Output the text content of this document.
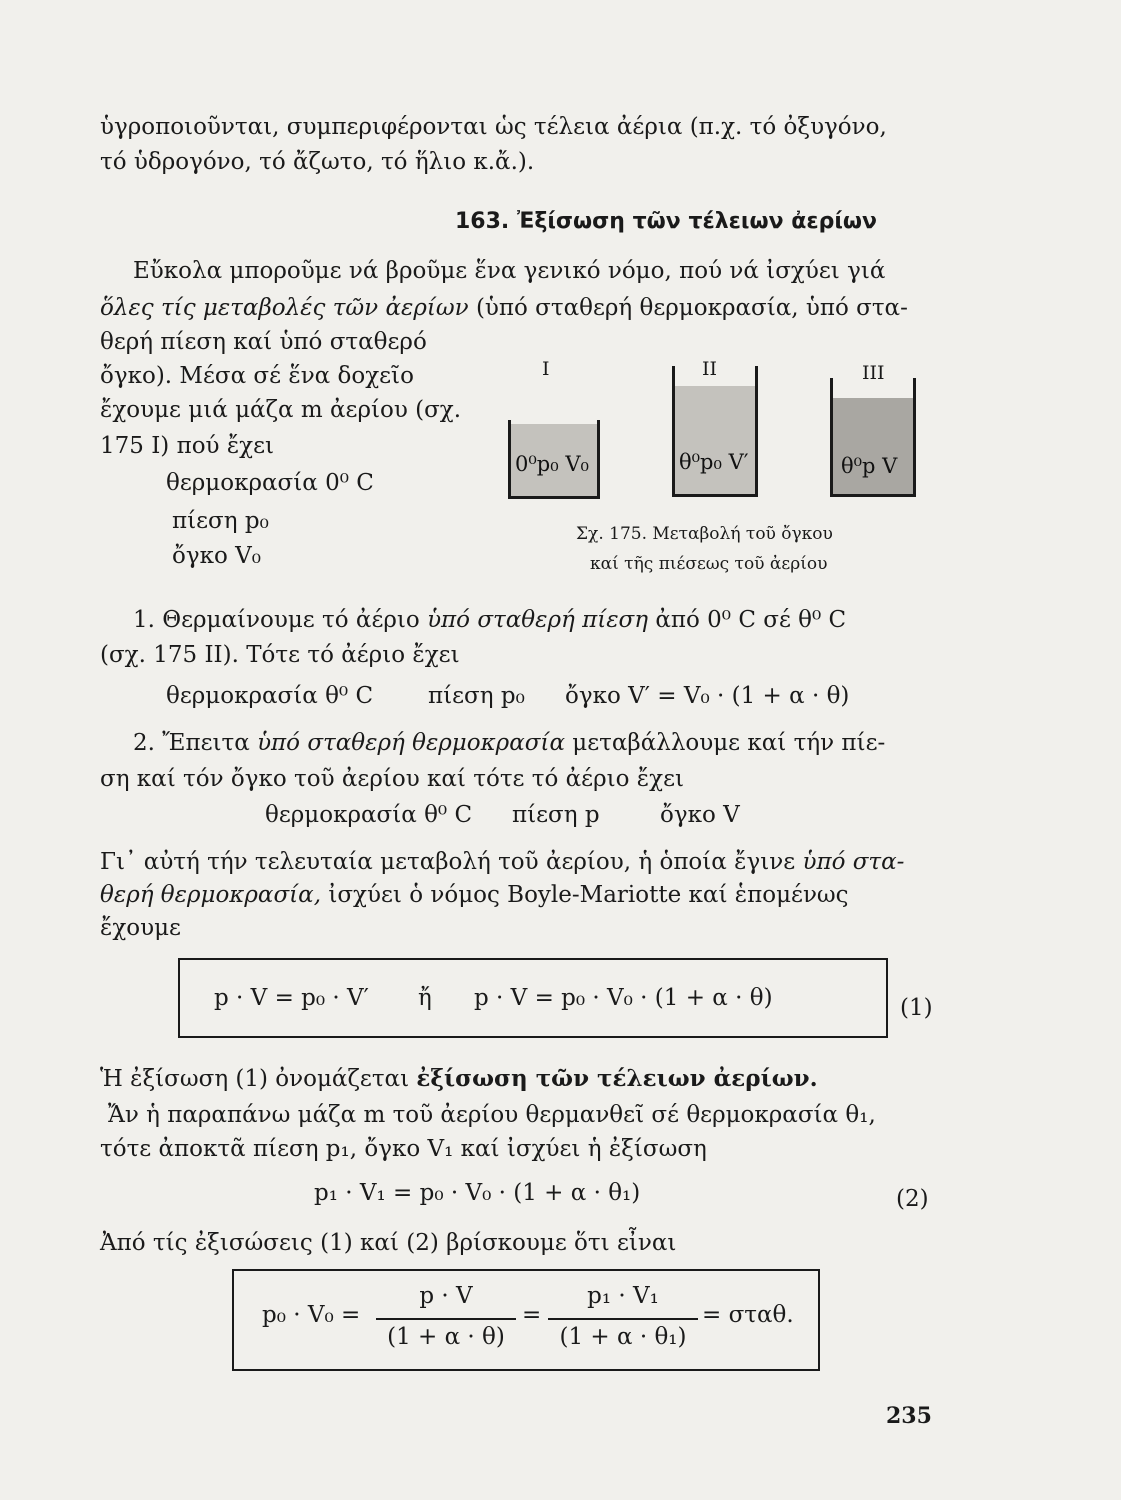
ὑγροποιοῦνται, συμπεριφέρονται ὡς τέλεια ἀέρια (π.χ. τό ὀξυγόνο,
τό ὑδρογόνο, τό ἄζωτο, τό ἥλιο κ.ἄ.).
163. Ἐξίσωση τῶν τέλειων ἀερίων
Εὔκολα μποροῦμε νά βροῦμε ἕνα γενικό νόμο, πού νά ἰσχύει γιά
ὅλες τίς μεταβολές τῶν ἀερίων (ὑπό σταθερή θερμοκρασία, ὑπό στα-
θερή πίεση καί ὑπό σταθερό
ὄγκο). Μέσα σέ ἕνα δοχεῖο
ἔχουμε μιά μάζα m ἀερίου (σχ.
175 I) πού ἔχει
θερμοκρασία 0⁰ C
πίεση p₀
ὄγκο V₀
I	II	III
0⁰p₀ V₀	θ⁰p₀ V′	θ⁰p V
Σχ. 175. Μεταβολή τοῦ ὄγκου
καί τῆς πιέσεως τοῦ ἀερίου
1. Θερμαίνουμε τό ἀέριο ὑπό σταθερή πίεση ἀπό 0⁰ C σέ θ⁰ C
(σχ. 175 II). Τότε τό ἀέριο ἔχει
θερμοκρασία θ⁰ C πίεση p₀ ὄγκο V′ = V₀ · (1 + α · θ)
2. Ἔπειτα ὑπό σταθερή θερμοκρασία μεταβάλλουμε καί τήν πίε-
ση καί τόν ὄγκο τοῦ ἀερίου καί τότε τό ἀέριο ἔχει
θερμοκρασία θ⁰ C πίεση p	ὄγκο V
Γι᾽ αὐτή τήν τελευταία μεταβολή τοῦ ἀερίου, ἡ ὁποία ἔγινε ὑπό στα-
θερή θερμοκρασία, ἰσχύει ὁ νόμος Boyle-Mariotte καί ἑπομένως
ἔχουμε
p · V = p₀ · V′ ἤ p · V = p₀ · V₀ · (1 + α · θ)	(1)
Ἡ ἐξίσωση (1) ὀνομάζεται ἐξίσωση τῶν τέλειων ἀερίων.
Ἄν ἡ παραπάνω μάζα m τοῦ ἀερίου θερμανθεῖ σέ θερμοκρασία θ₁,
τότε ἀποκτᾶ πίεση p₁, ὄγκο V₁ καί ἰσχύει ἡ ἐξίσωση
p₁ · V₁ = p₀ · V₀ · (1 + α · θ₁)	(2)
Ἀπό τίς ἐξισώσεις (1) καί (2) βρίσκουμε ὅτι εἶναι
p₀ · V₀ =
p · V
(1 + α · θ)
=
p₁ · V₁
(1 + α · θ₁)
= σταθ.
235
